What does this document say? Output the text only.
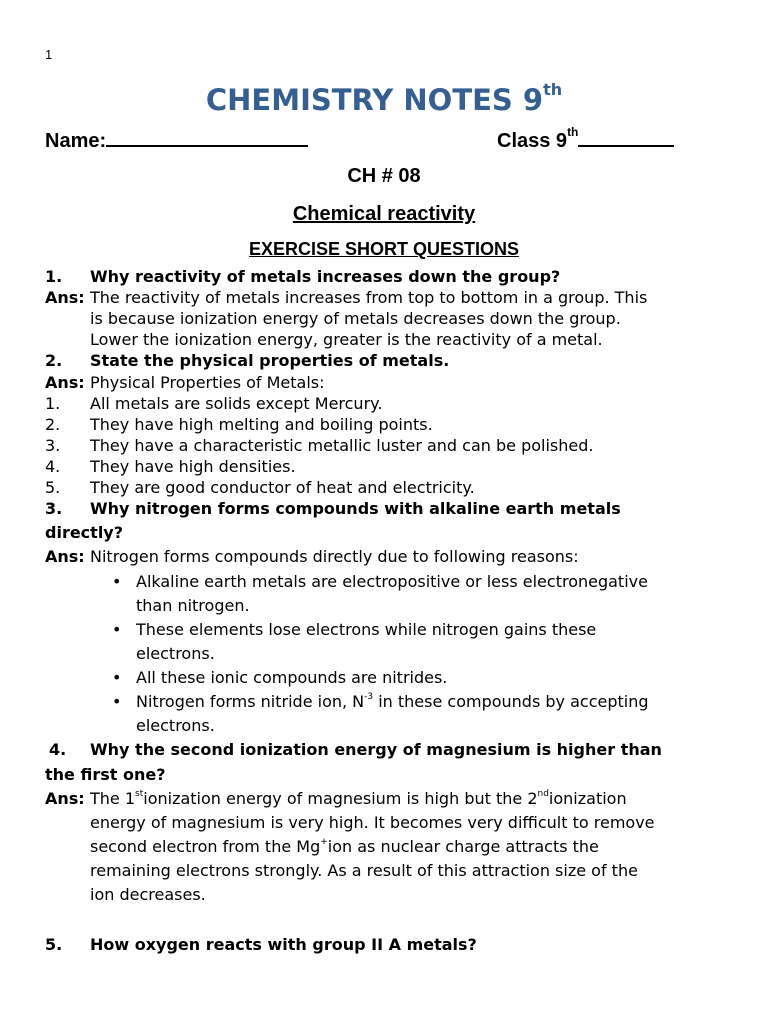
1
CHEMISTRY NOTES 9th
Name:	Class 9th
CH # 08
Chemical reactivity
EXERCISE SHORT QUESTIONS
1. Why reactivity of metals increases down the group?
Ans: The reactivity of metals increases from top to bottom in a group. This
is because ionization energy of metals decreases down the group.
Lower the ionization energy, greater is the reactivity of a metal.
2. State the physical properties of metals.
Ans: Physical Properties of Metals:
1. All metals are solids except Mercury.
2. They have high melting and boiling points.
3. They have a characteristic metallic luster and can be polished.
4. They have high densities.
5. They are good conductor of heat and electricity.
3. Why nitrogen forms compounds with alkaline earth metals
directly?
Ans: Nitrogen forms compounds directly due to following reasons:
• Alkaline earth metals are electropositive or less electronegative
than nitrogen.
• These elements lose electrons while nitrogen gains these
electrons.
• All these ionic compounds are nitrides.
• Nitrogen forms nitride ion, $N^{-3}$ in these compounds by accepting
electrons.
4. Why the second ionization energy of magnesium is higher than
the first one?
Ans: The 1stionization energy of magnesium is high but the 2ndionization
energy of magnesium is very high. It becomes very difficult to remove
second electron from the Mg+ion as nuclear charge attracts the
remaining electrons strongly. As a result of this attraction size of the
ion decreases.
5. How oxygen reacts with group II A metals?
